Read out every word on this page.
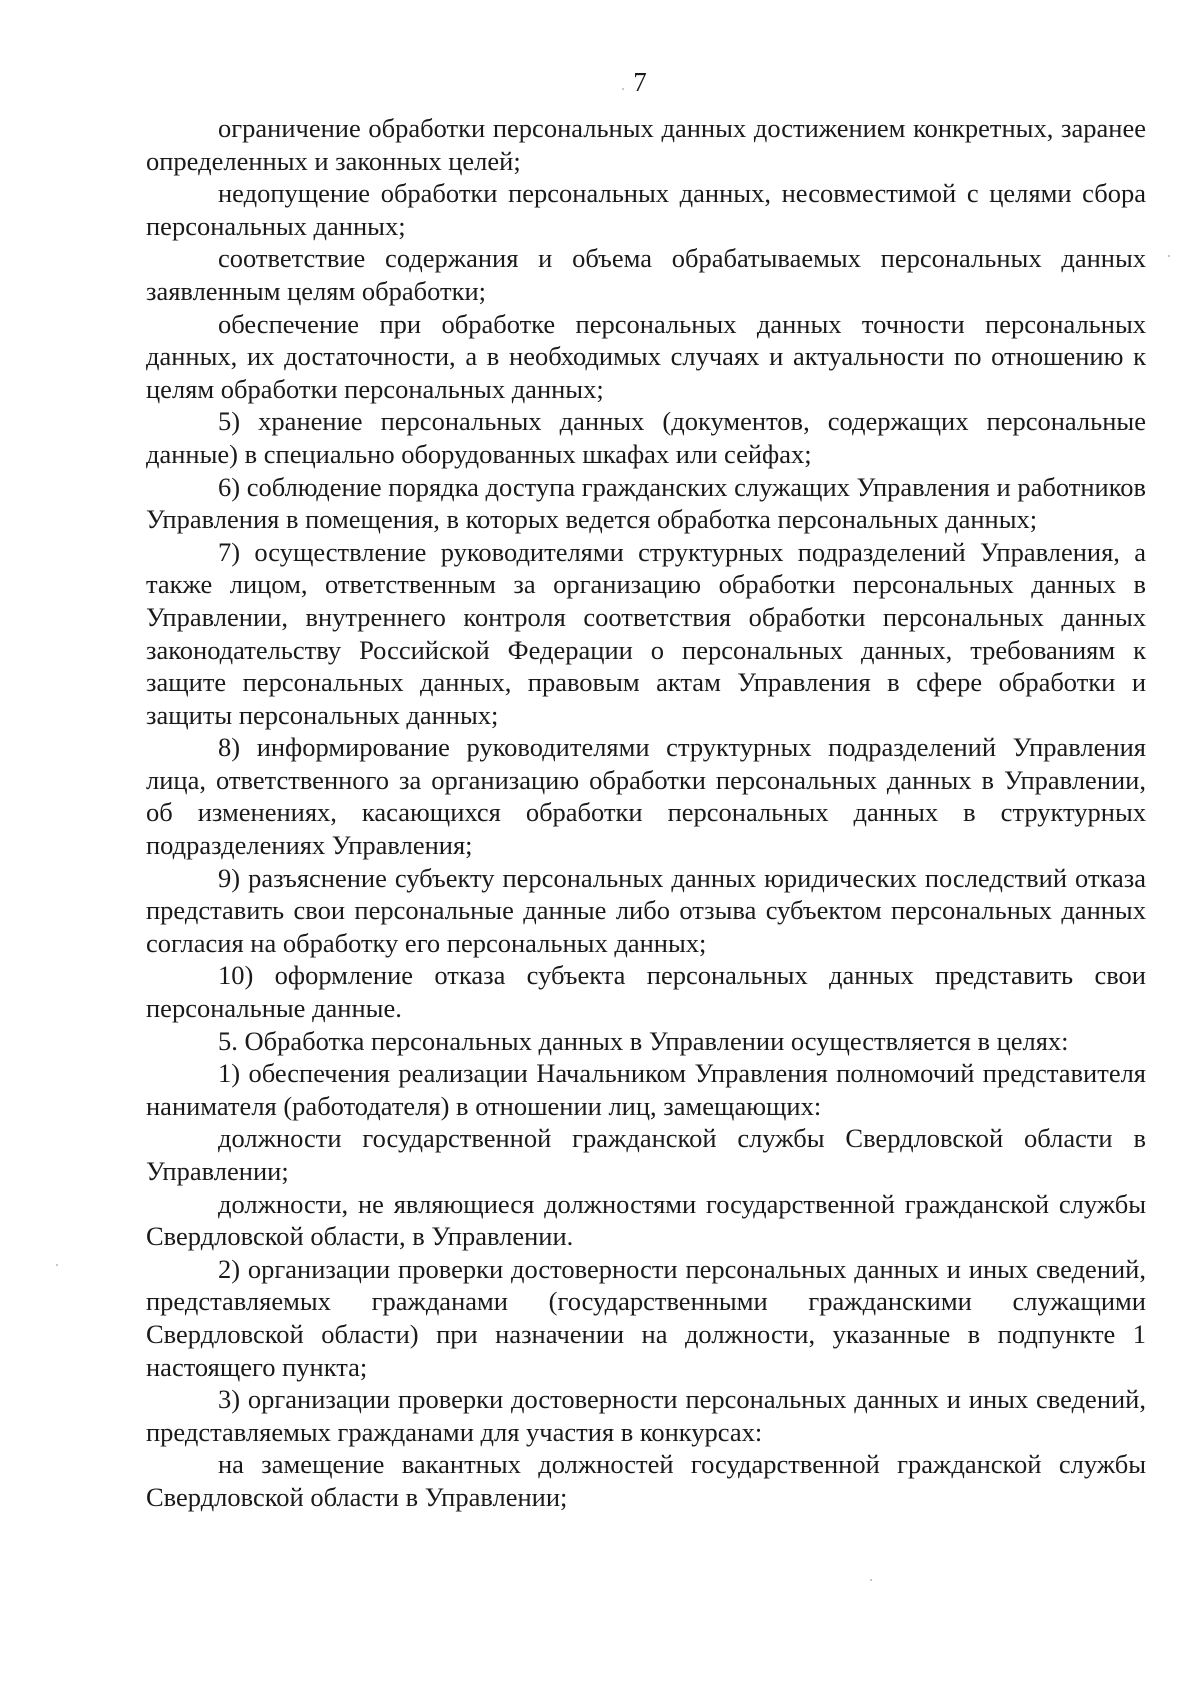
7

ограничение обработки персональных данных достижением конкретных, заранее определенных и законных целей;

недопущение обработки персональных данных, несовместимой с целями сбора персональных данных;

соответствие содержания и объема обрабатываемых персональных данных заявленным целям обработки;

обеспечение при обработке персональных данных точности персональных данных, их достаточности, а в необходимых случаях и актуальности по отношению к целям обработки персональных данных;

5) хранение персональных данных (документов, содержащих персональные данные) в специально оборудованных шкафах или сейфах;

6) соблюдение порядка доступа гражданских служащих Управления и работников Управления в помещения, в которых ведется обработка персональных данных;

7) осуществление руководителями структурных подразделений Управления, а также лицом, ответственным за организацию обработки персональных данных в Управлении, внутреннего контроля соответствия обработки персональных данных законодательству Российской Федерации о персональных данных, требованиям к защите персональных данных, правовым актам Управления в сфере обработки и защиты персональных данных;

8) информирование руководителями структурных подразделений Управления лица, ответственного за организацию обработки персональных данных в Управлении, об изменениях, касающихся обработки персональных данных в структурных подразделениях Управления;

9) разъяснение субъекту персональных данных юридических последствий отказа представить свои персональные данные либо отзыва субъектом персональных данных согласия на обработку его персональных данных;

10) оформление отказа субъекта персональных данных представить свои персональные данные.

5. Обработка персональных данных в Управлении осуществляется в целях:

1) обеспечения реализации Начальником Управления полномочий представителя нанимателя (работодателя) в отношении лиц, замещающих:

должности государственной гражданской службы Свердловской области в Управлении;

должности, не являющиеся должностями государственной гражданской службы Свердловской области, в Управлении.

2) организации проверки достоверности персональных данных и иных сведений, представляемых гражданами (государственными гражданскими служащими Свердловской области) при назначении на должности, указанные в подпункте 1 настоящего пункта;

3) организации проверки достоверности персональных данных и иных сведений, представляемых гражданами для участия в конкурсах:

на замещение вакантных должностей государственной гражданской службы Свердловской области в Управлении;
